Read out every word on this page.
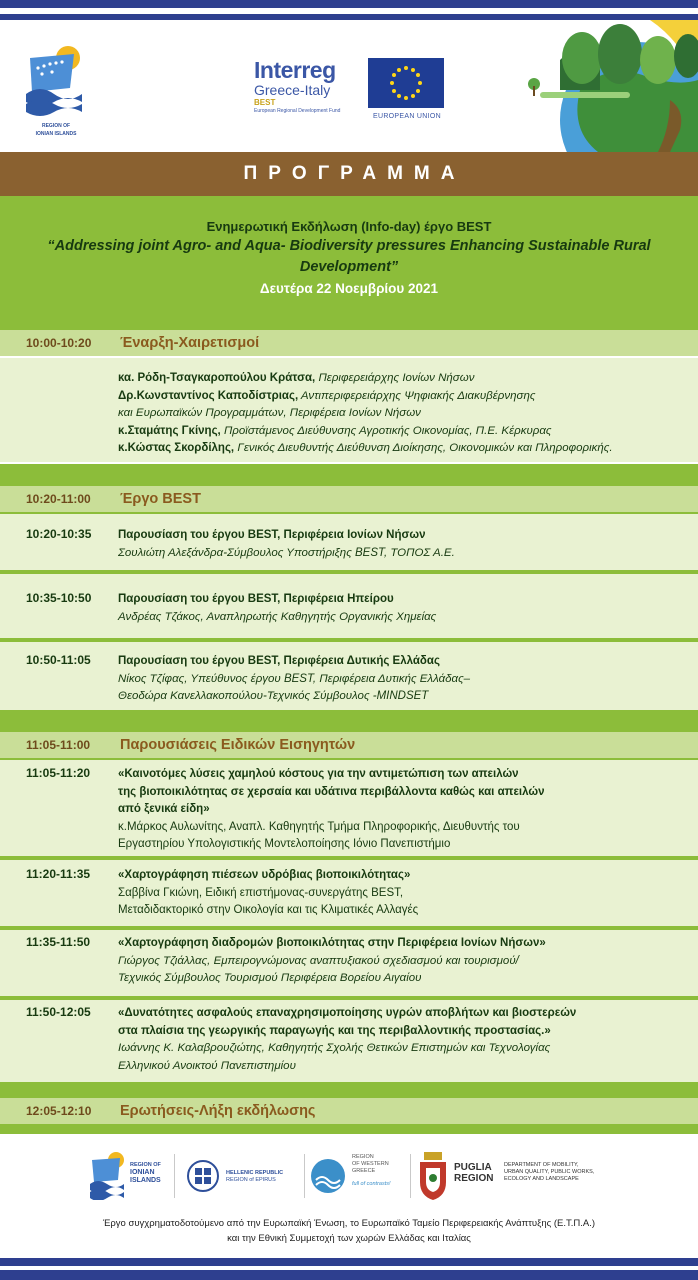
REGION OF
IONIAN ISLANDS
Interreg
Greece-Italy
BEST
European Regional Development Fund
EUROPEAN UNION
ΠΡΟΓΡΑΜΜΑ
Ενημερωτική Εκδήλωση (Info-day) έργο BEST
“Addressing joint Agro- and Aqua- Biodiversity pressures Enhancing Sustainable Rural Development”
Δευτέρα 22 Νοεμβρίου 2021
10:00-10:20	Έναρξη-Χαιρετισμοί
κα. Ρόδη-Τσαγκαροπούλου Κράτσα, Περιφερειάρχης Ιονίων Νήσων
Δρ.Κωνσταντίνος Καποδίστριας, Αντιπεριφερειάρχης Ψηφιακής Διακυβέρνησης
και Ευρωπαϊκών Προγραμμάτων, Περιφέρεια Ιονίων Νήσων
κ.Σταμάτης Γκίνης, Προϊστάμενος Διεύθυνσης Αγροτικής Οικονομίας, Π.Ε. Κέρκυρας
κ.Κώστας Σκορδίλης, Γενικός Διευθυντής Διεύθυνση Διοίκησης, Οικονομικών και Πληροφορικής.
10:20-11:00	Έργο BEST
10:20-10:35 Παρουσίαση του έργου BEST, Περιφέρεια Ιονίων Νήσων
Σουλιώτη Αλεξάνδρα-Σύμβουλος Υποστήριξης BEST, ΤΟΠΟΣ Α.Ε.
10:35-10:50 Παρουσίαση του έργου BEST, Περιφέρεια Ηπείρου
Ανδρέας Τζάκος, Αναπληρωτής Καθηγητής Οργανικής Χημείας
10:50-11:05 Παρουσίαση του έργου BEST, Περιφέρεια Δυτικής Ελλάδας
Νίκος Τζίφας, Υπεύθυνος έργου BEST, Περιφέρεια Δυτικής Ελλάδας–
Θεοδώρα Κανελλακοπούλου-Τεχνικός Σύμβουλος -MINDSET
11:05-11:00	Παρουσιάσεις Ειδικών Εισηγητών
11:05-11:20 «Καινοτόμες λύσεις χαμηλού κόστους για την αντιμετώπιση των απειλών
της βιοποικιλότητας σε χερσαία και υδάτινα περιβάλλοντα καθώς και απειλών
από ξενικά είδη»
κ.Μάρκος Αυλωνίτης, Αναπλ. Καθηγητής Τμήμα Πληροφορικής, Διευθυντής του
Εργαστηρίου Υπολογιστικής Μοντελοποίησης Ιόνιο Πανεπιστήμιο
11:20-11:35 «Χαρτογράφηση πιέσεων υδρόβιας βιοποικιλότητας»
Σαββίνα Γκιώνη, Ειδική επιστήμονας-συνεργάτης BEST,
Μεταδιδακτορικό στην Οικολογία και τις Κλιματικές Αλλαγές
11:35-11:50 «Χαρτογράφηση διαδρομών βιοποικιλότητας στην Περιφέρεια Ιονίων Νήσων»
Γιώργος Τζιάλλας, Εμπειρογνώμονας αναπτυξιακού σχεδιασμού και τουρισμού/
Τεχνικός Σύμβουλος Τουρισμού Περιφέρεια Βορείου Αιγαίου
11:50-12:05 «Δυνατότητες ασφαλούς επαναχρησιμοποίησης υγρών αποβλήτων και βιοστερεών
στα πλαίσια της γεωργικής παραγωγής και της περιβαλλοντικής προστασίας.»
Ιωάννης Κ. Καλαβρουζιώτης, Καθηγητής Σχολής Θετικών Επιστημών και Τεχνολογίας
Ελληνικού Ανοικτού Πανεπιστημίου
12:05-12:10	Ερωτήσεις-Λήξη εκδήλωσης
REGION OF
IONIAN
ISLANDS
HELLENIC REPUBLIC
REGION of EPIRUS
REGION
OF WESTERN
GREECE
full of contrasts!
PUGLIA
REGION
DEPARTMENT OF MOBILITY,
URBAN QUALITY, PUBLIC WORKS,
ECOLOGY AND LANDSCAPE
Έργο συγχρηματοδοτούμενο από την Ευρωπαϊκή Ένωση, το Ευρωπαϊκό Ταμείο Περιφερειακής Ανάπτυξης (Ε.Τ.Π.Α.)
και την Εθνική Συμμετοχή των χωρών Ελλάδας και Ιταλίας
